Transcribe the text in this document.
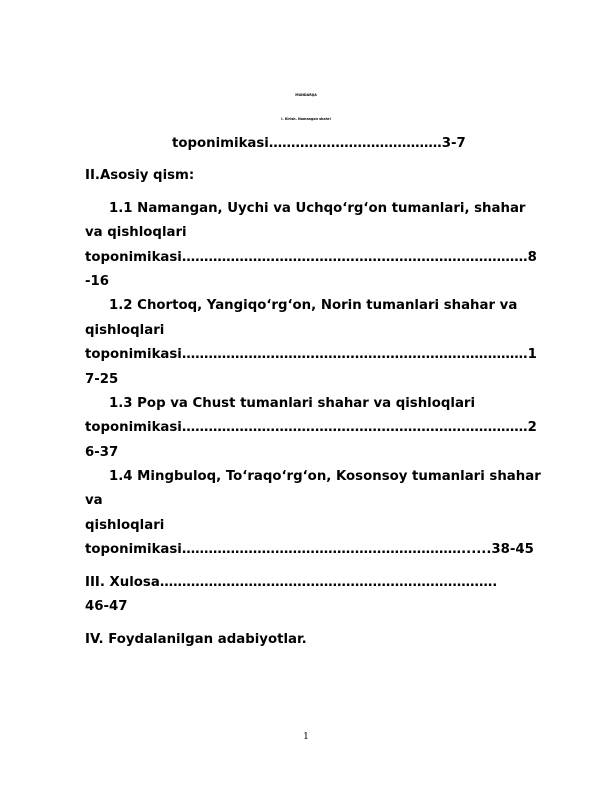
MUNDARIJA
I. Kirish. Namangan shahri
toponimikasi…………………………………3-7
II.Asosiy qism:
1.1 Namangan, Uychi va Uchqo‘rg‘on tumanlari, shahar
va qishloqlari
toponimikasi……………………………………………………………………8
-16
1.2 Chortoq, Yangiqo‘rg‘on, Norin tumanlari shahar va
qishloqlari
toponimikasi……………………………………………………………………1
7-25
1.3 Pop va Chust tumanlari shahar va qishloqlari
toponimikasi……………………………………………………………………2
6-37
1.4 Mingbuloq, To‘raqo‘rg‘on, Kosonsoy tumanlari shahar
va
qishloqlari
toponimikasi………………………………………………………......38-45
III. Xulosa………………………………………………………………….
46-47
IV. Foydalanilgan adabiyotlar.
1
